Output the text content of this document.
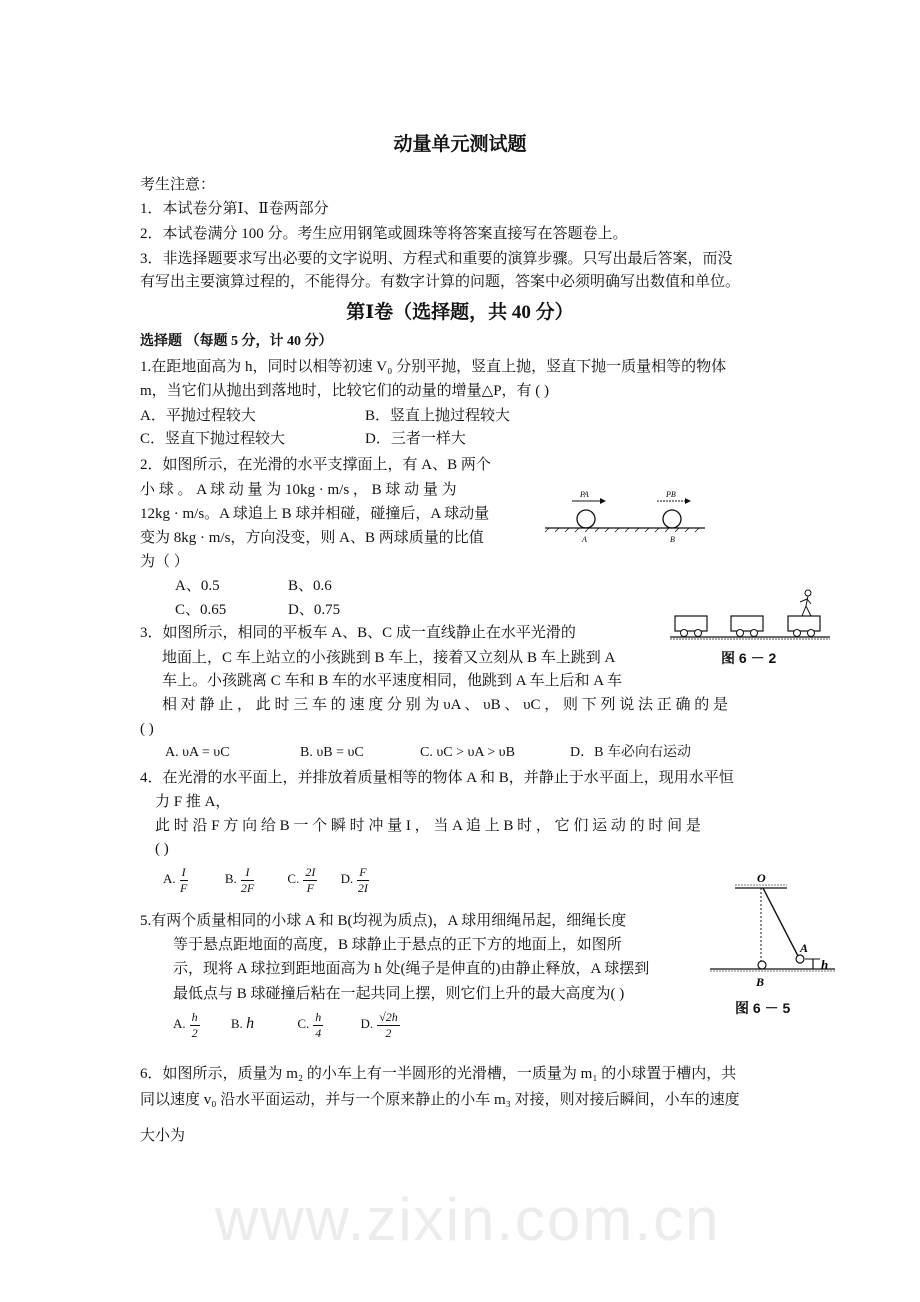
www.zixin.com.cn
动量单元测试题
考生注意：
1．本试卷分第Ⅰ、Ⅱ卷两部分
2．本试卷满分 100 分。考生应用钢笔或圆珠等将答案直接写在答题卷上。
3．非选择题要求写出必要的文字说明、方程式和重要的演算步骤。只写出最后答案，而没
有写出主要演算过程的，不能得分。有数字计算的问题，答案中必须明确写出数值和单位。
第Ⅰ卷（选择题，共 40 分）
选择题 （每题 5 分，计 40 分）
1.在距地面高为 h，同时以相等初速 V₀ 分别平抛，竖直上抛，竖直下抛一质量相等的物体
m，当它们从抛出到落地时，比较它们的动量的增量△P，有 ( )
A．平抛过程较大	B．竖直上抛过程较大
C．竖直下抛过程较大	D．三者一样大
2．如图所示，在光滑的水平支撑面上，有 A、B 两个
小 球 。 A 球 动 量 为 10kg · m/s ， B 球 动 量 为
12kg · m/s。A 球追上 B 球并相碰，碰撞后，A 球动量
变为 8kg · m/s，方向没变，则 A、B 两球质量的比值
为（ ）
A、0.5	B、0.6
C、0.65	D、0.75
PA	PB
A	B
3．如图所示，相同的平板车 A、B、C 成一直线静止在水平光滑的
地面上，C 车上站立的小孩跳到 B 车上，接着又立刻从 B 车上跳到 A
车上。小孩跳离 C 车和 B 车的水平速度相同，他跳到 A 车上后和 A 车
相 对 静 止 ， 此 时 三 车 的 速 度 分 别 为 υA 、 υB 、 υC ， 则 下 列 说 法 正 确 的 是
( )
A. υA = υC	B. υB = υC	C. υC > υA > υB	D．B 车必向右运动
图 6 － 2
4．在光滑的水平面上，并排放着质量相等的物体 A 和 B，并静止于水平面上，现用水平恒
力 F 推 A，
此 时 沿 F 方 向 给 B 一 个 瞬 时 冲 量 I ， 当 A 追 上 B 时 ， 它 们 运 动 的 时 间 是
( )
A. $\frac{I}{F}$	B. $\frac{I}{2F}$	C. $\frac{2I}{F} D$. $\frac{F}{2I}$
5.有两个质量相同的小球 A 和 B(均视为质点)，A 球用细绳吊起，细绳长度
等于悬点距地面的高度，B 球静止于悬点的正下方的地面上，如图所
示，现将 A 球拉到距地面高为 h 处(绳子是伸直的)由静止释放，A 球摆到
最低点与 B 球碰撞后粘在一起共同上摆，则它们上升的最大高度为( )
A. $\frac{h}{2} B$. h	C. $\frac{h}{4}$	D. $\frac{√2h}{2}$
O
A
B
h
图 6 － 5
6．如图所示，质量为 m₂ 的小车上有一半圆形的光滑槽，一质量为 m₁ 的小球置于槽内，共
同以速度 v₀ 沿水平面运动，并与一个原来静止的小车 m₃ 对接，则对接后瞬间，小车的速度
大小为
